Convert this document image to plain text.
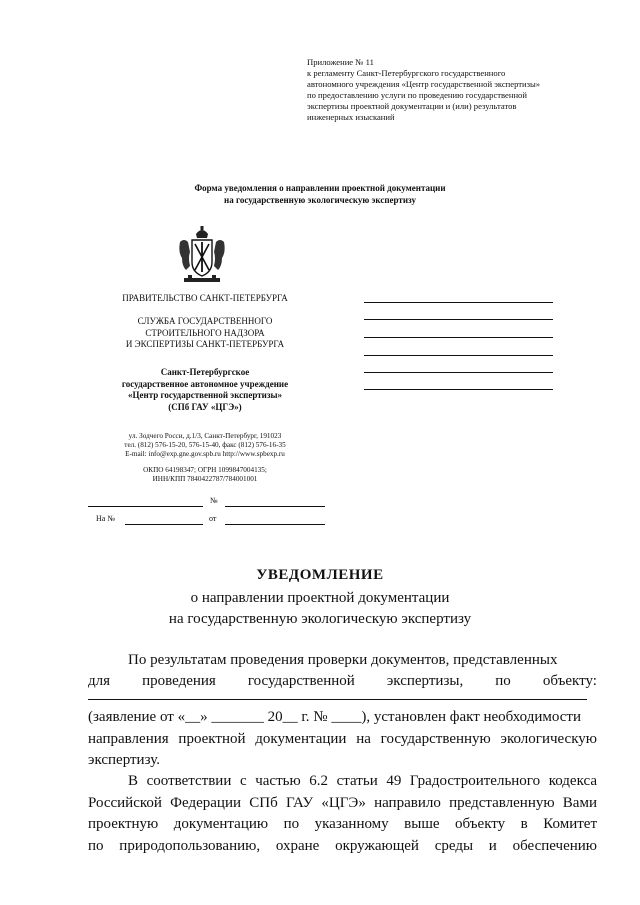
Приложение № 11
к регламенту Санкт-Петербургского государственного
автономного учреждения «Центр государственной экспертизы»
по предоставлению услуги по проведению государственной
экспертизы проектной документации и (или) результатов
инженерных изысканий
Форма уведомления о направлении проектной документации
на государственную экологическую экспертизу
ПРАВИТЕЛЬСТВО САНКТ-ПЕТЕРБУРГА
СЛУЖБА ГОСУДАРСТВЕННОГО
СТРОИТЕЛЬНОГО НАДЗОРА
И ЭКСПЕРТИЗЫ САНКТ-ПЕТЕРБУРГА
Санкт-Петербургское
государственное автономное учреждение
«Центр государственной экспертизы»
(СПб ГАУ «ЦГЭ»)
ул. Зодчего Росси, д.1/3, Санкт-Петербург, 191023
тел. (812) 576-15-20, 576-15-40, факс (812) 576-16-35
E-mail: info@exp.gne.gov.spb.ru http://www.spbexp.ru
ОКПО 64198347; ОГРН 1099847004135;
ИНН/КПП 7840422787/784001001
№
На №	от
УВЕДОМЛЕНИЕ
о направлении проектной документации
на государственную экологическую экспертизу
По результатам проведения проверки документов, представленных
для проведения государственной экспертизы, по объекту:
(заявление от «__» _______ 20__ г. № ____), установлен факт необходимости
направления проектной документации на государственную экологическую
экспертизу.
В соответствии с частью 6.2 статьи 49 Градостроительного кодекса
Российской Федерации СПб ГАУ «ЦГЭ» направило представленную Вами
проектную документацию по указанному выше объекту в Комитет
по природопользованию, охране окружающей среды и обеспечению
